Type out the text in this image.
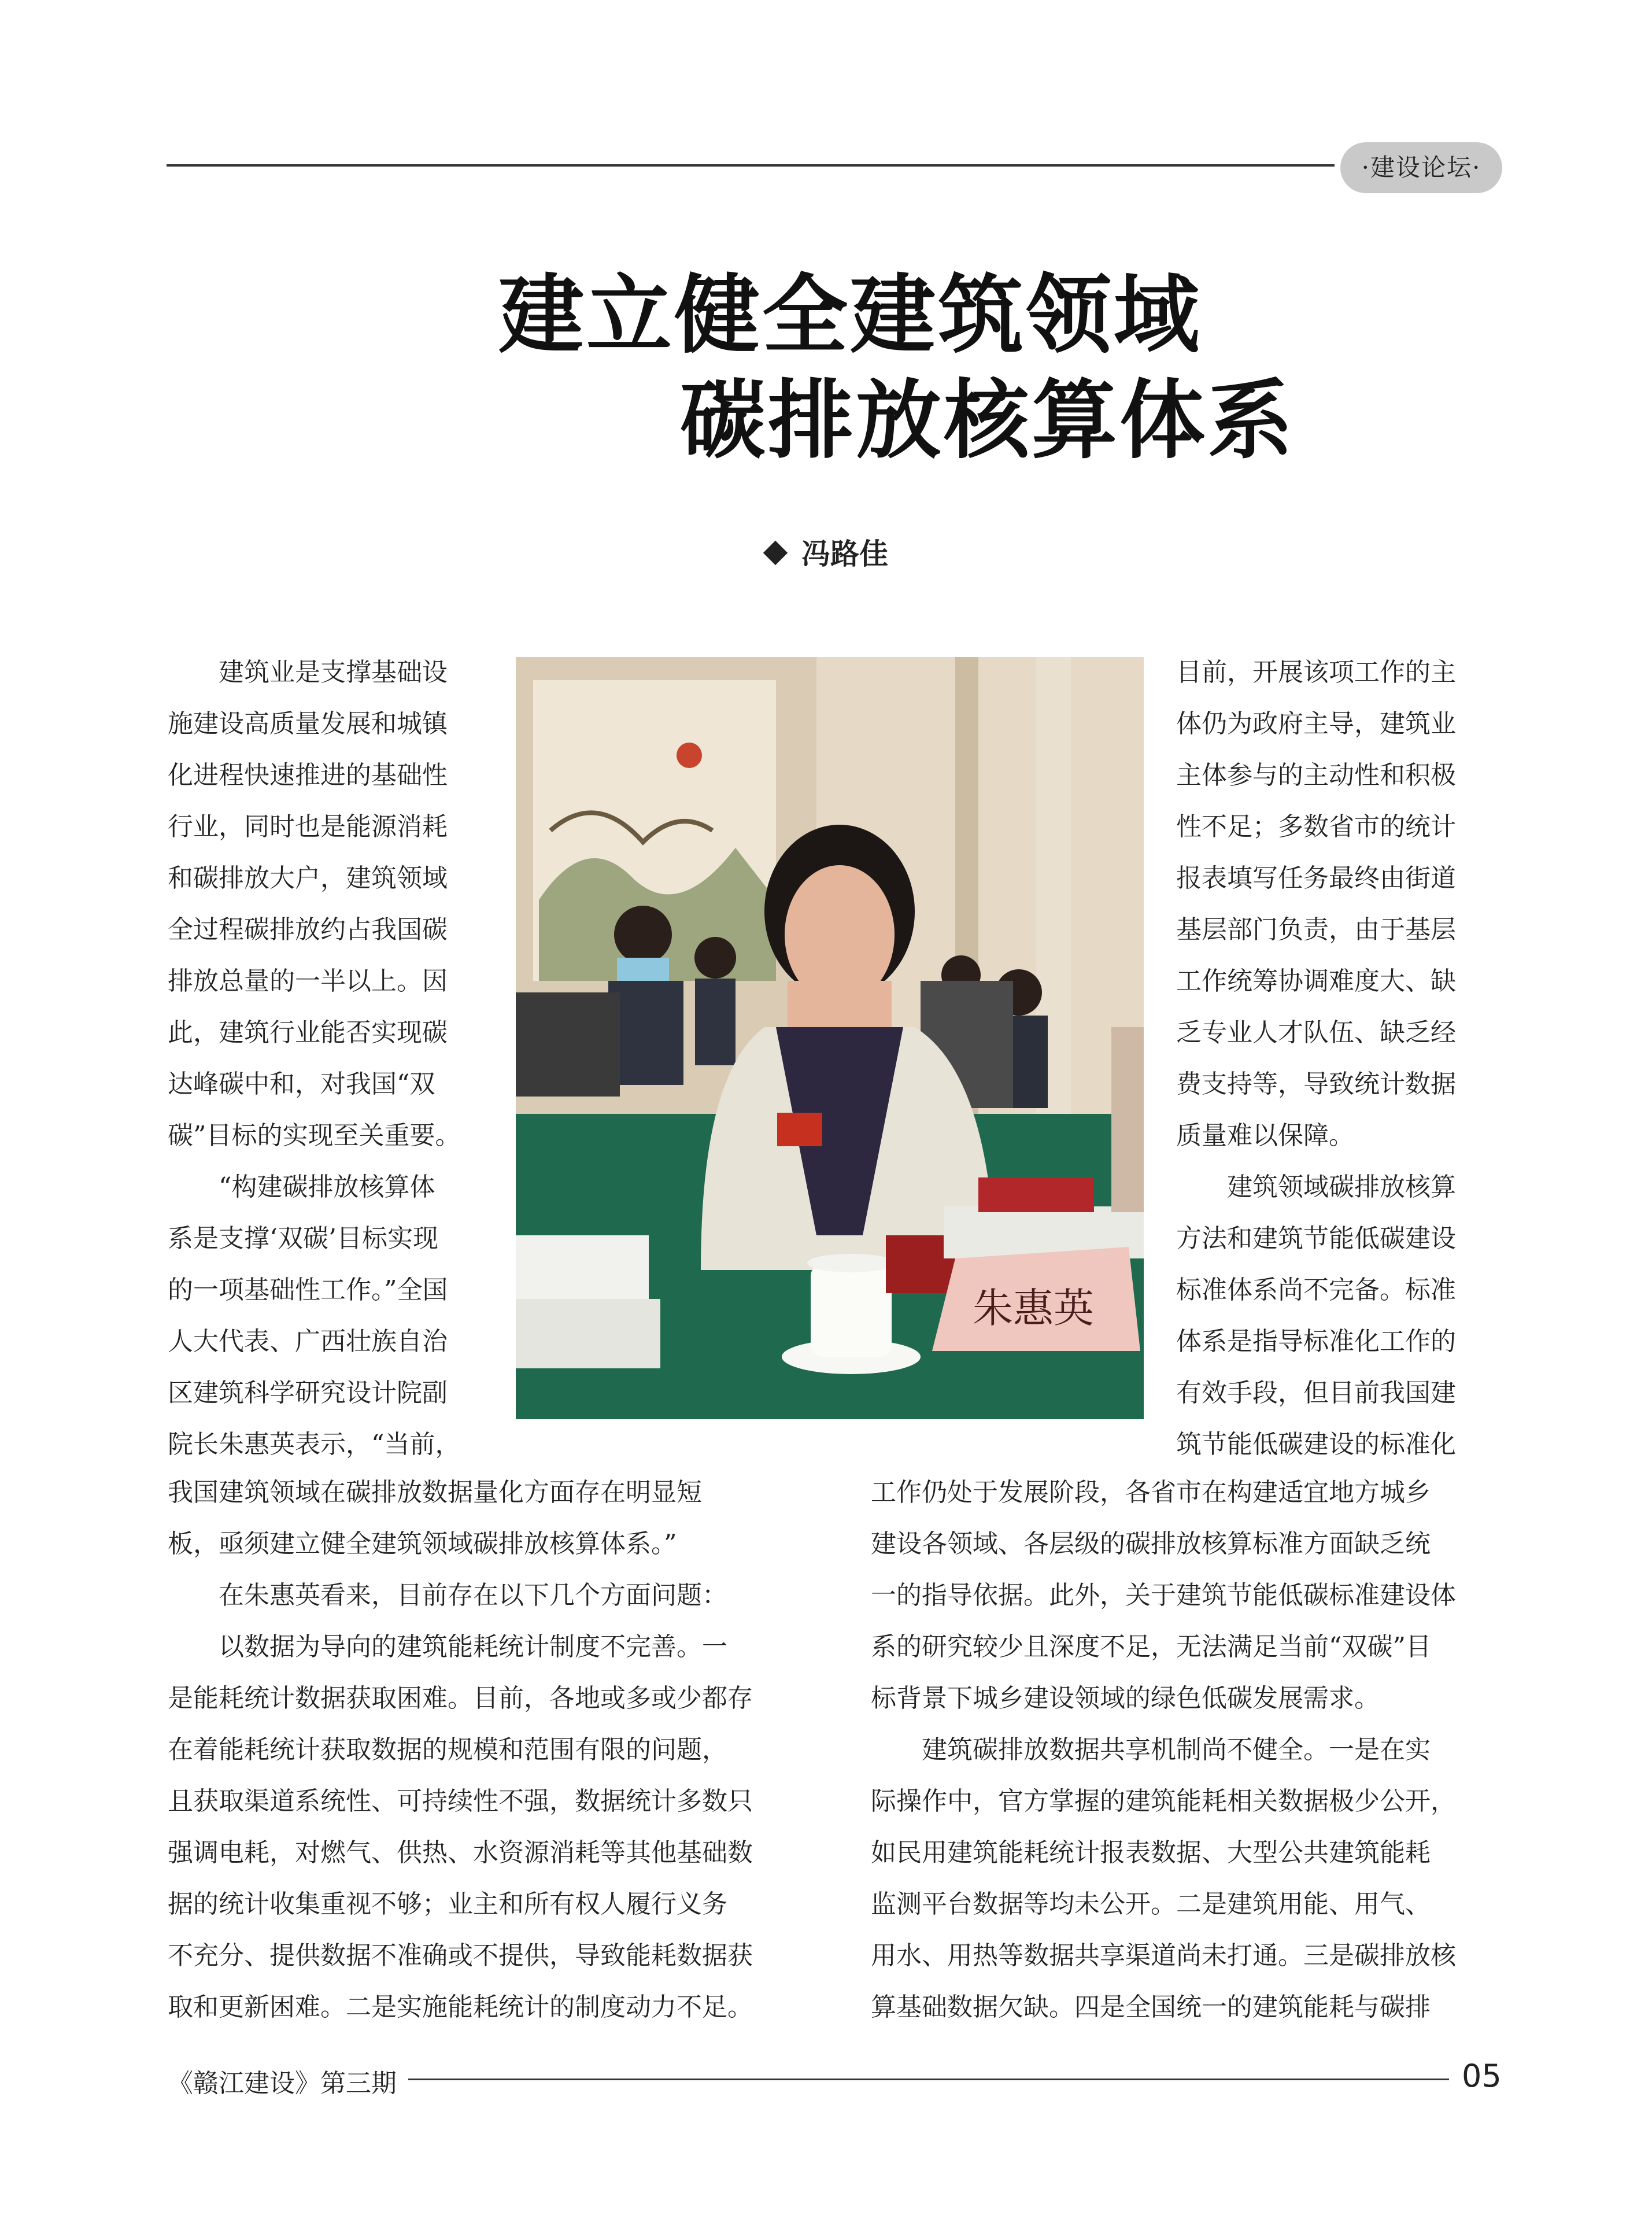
·建设论坛·
建立健全建筑领域
碳排放核算体系
冯路佳
建筑业是支撑基础设
施建设高质量发展和城镇
化进程快速推进的基础性
行业，同时也是能源消耗
和碳排放大户，建筑领域
全过程碳排放约占我国碳
排放总量的一半以上。因
此，建筑行业能否实现碳
达峰碳中和，对我国“双
碳”目标的实现至关重要。
“构建碳排放核算体
系是支撑‘双碳’目标实现
的一项基础性工作。”全国
人大代表、广西壮族自治
区建筑科学研究设计院副
院长朱惠英表示，“当前，
朱惠英
目前，开展该项工作的主
体仍为政府主导，建筑业
主体参与的主动性和积极
性不足；多数省市的统计
报表填写任务最终由街道
基层部门负责，由于基层
工作统筹协调难度大、缺
乏专业人才队伍、缺乏经
费支持等，导致统计数据
质量难以保障。
建筑领域碳排放核算
方法和建筑节能低碳建设
标准体系尚不完备。标准
体系是指导标准化工作的
有效手段，但目前我国建
筑节能低碳建设的标准化
我国建筑领域在碳排放数据量化方面存在明显短
板，亟须建立健全建筑领域碳排放核算体系。”
在朱惠英看来，目前存在以下几个方面问题：
以数据为导向的建筑能耗统计制度不完善。一
是能耗统计数据获取困难。目前，各地或多或少都存
在着能耗统计获取数据的规模和范围有限的问题，
且获取渠道系统性、可持续性不强，数据统计多数只
强调电耗，对燃气、供热、水资源消耗等其他基础数
据的统计收集重视不够；业主和所有权人履行义务
不充分、提供数据不准确或不提供，导致能耗数据获
取和更新困难。二是实施能耗统计的制度动力不足。
工作仍处于发展阶段，各省市在构建适宜地方城乡
建设各领域、各层级的碳排放核算标准方面缺乏统
一的指导依据。此外，关于建筑节能低碳标准建设体
系的研究较少且深度不足，无法满足当前“双碳”目
标背景下城乡建设领域的绿色低碳发展需求。
建筑碳排放数据共享机制尚不健全。一是在实
际操作中，官方掌握的建筑能耗相关数据极少公开，
如民用建筑能耗统计报表数据、大型公共建筑能耗
监测平台数据等均未公开。二是建筑用能、用气、
用水、用热等数据共享渠道尚未打通。三是碳排放核
算基础数据欠缺。四是全国统一的建筑能耗与碳排
《赣江建设》第三期	05
